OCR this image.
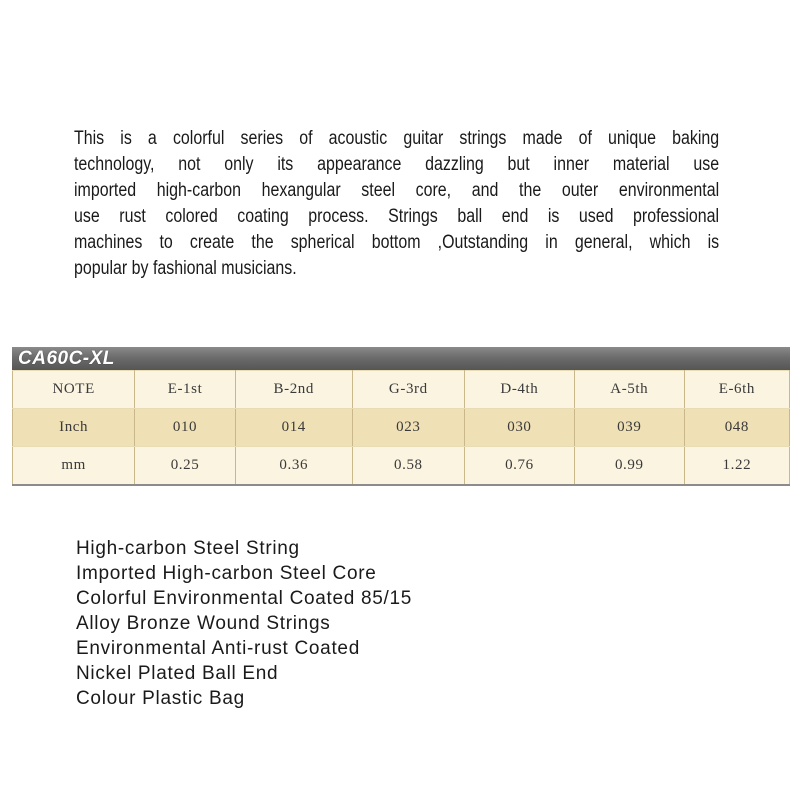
This is a colorful series of acoustic guitar strings made of unique baking
technology, not only its appearance dazzling but inner material use
imported high-carbon hexangular steel core, and the outer environmental
use rust colored coating process. Strings ball end is used professional
machines to create the spherical bottom ,Outstanding in general, which is
popular by fashional musicians.
CA60C-XL
NOTE	E-1st	B-2nd	G-3rd	D-4th	A-5th	E-6th
Inch	010	014	023	030	039	048
mm	0.25	0.36	0.58	0.76	0.99	1.22
High-carbon Steel String
Imported High-carbon Steel Core
Colorful Environmental Coated 85/15
Alloy Bronze Wound Strings
Environmental Anti-rust Coated
Nickel Plated Ball End
Colour Plastic Bag
